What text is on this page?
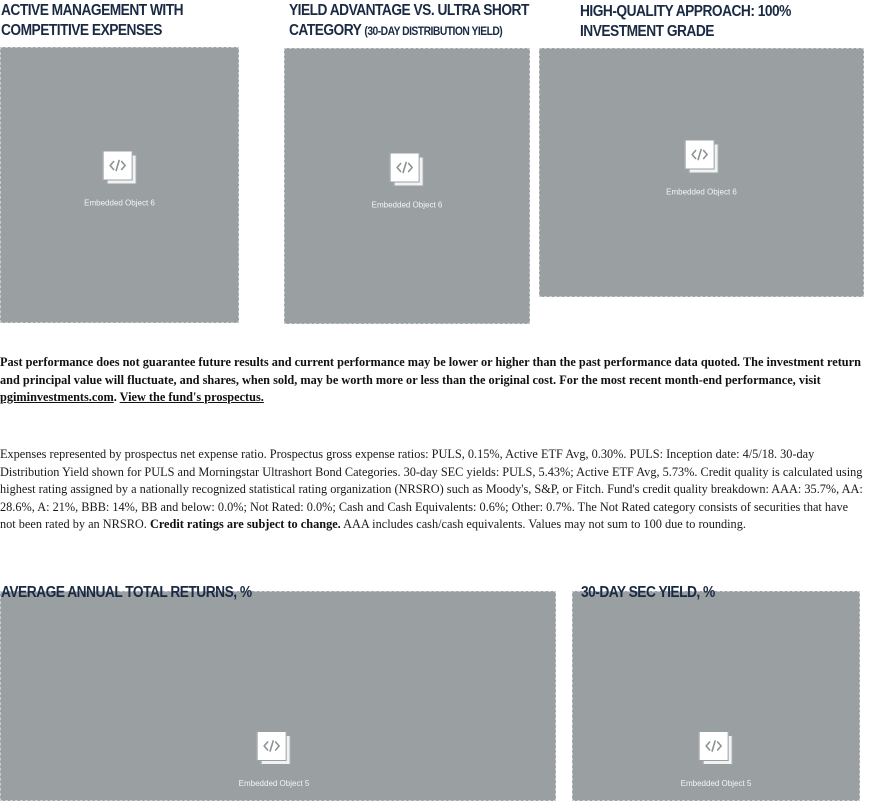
ACTIVE MANAGEMENT WITH
COMPETITIVE EXPENSES
YIELD ADVANTAGE VS. ULTRA SHORT
CATEGORY (30-DAY DISTRIBUTION YIELD)
HIGH-QUALITY APPROACH: 100%
INVESTMENT GRADE
Embedded Object 6	Embedded Object 6
Embedded Object 6

Past performance does not guarantee future results and current performance may be lower or higher than the past performance data quoted. The investment return and principal value will fluctuate, and shares, when sold, may be worth more or less than the original cost. For the most recent month-end performance, visit pgiminvestments.com. View the fund's prospectus.

Expenses represented by prospectus net expense ratio. Prospectus gross expense ratios: PULS, 0.15%, Active ETF Avg, 0.30%. PULS: Inception date: 4/5/18. 30-day Distribution Yield shown for PULS and Morningstar Ultrashort Bond Categories. 30-day SEC yields: PULS, 5.43%; Active ETF Avg, 5.73%. Credit quality is calculated using highest rating assigned by a nationally recognized statistical rating organization (NRSRO) such as Moody's, S&P, or Fitch. Fund's credit quality breakdown: AAA: 35.7%, AA: 28.6%, A: 21%, BBB: 14%, BB and below: 0.0%; Not Rated: 0.0%; Cash and Cash Equivalents: 0.6%; Other: 0.7%. The Not Rated category consists of securities that have not been rated by an NRSRO. Credit ratings are subject to change. AAA includes cash/cash equivalents. Values may not sum to 100 due to rounding.

Embedded Object 5	Embedded Object 5
AVERAGE ANNUAL TOTAL RETURNS, %	30-DAY SEC YIELD, %
